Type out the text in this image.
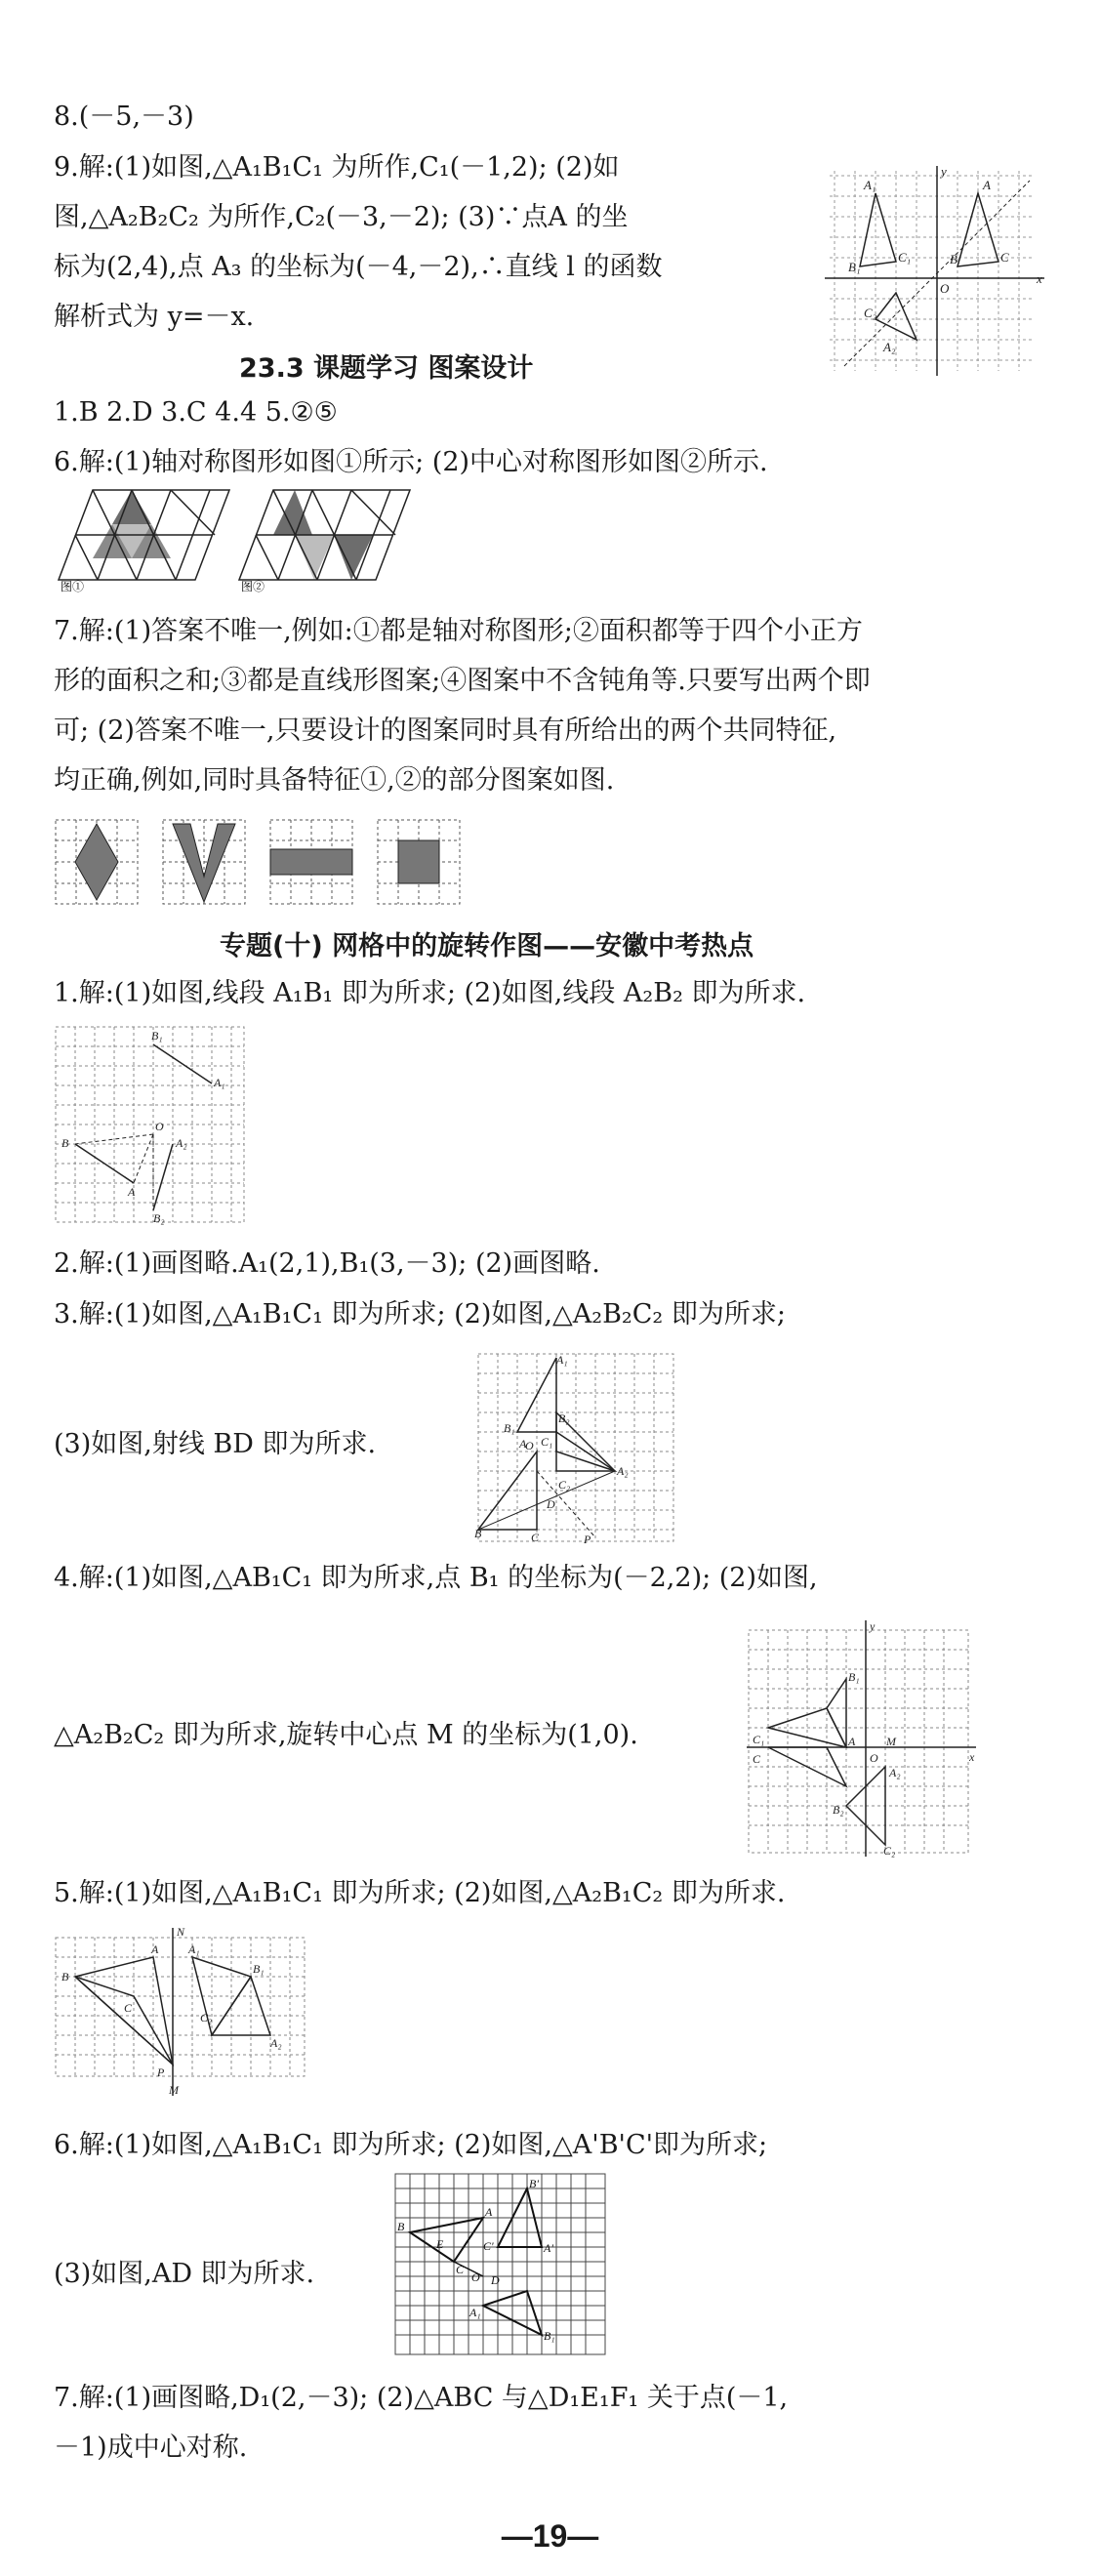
8.(－5,－3)
9.解:(1)如图,△A₁B₁C₁ 为所作,C₁(－1,2); (2)如
图,△A₂B₂C₂ 为所作,C₂(－3,－2); (3)∵点A 的坐
标为(2,4),点 A₃ 的坐标为(－4,－2),∴直线 l 的函数
解析式为 y=－x.
23.3 课题学习 图案设计
1.B 2.D 3.C 4.4 5.②⑤
6.解:(1)轴对称图形如图①所示; (2)中心对称图形如图②所示.
7.解:(1)答案不唯一,例如:①都是轴对称图形;②面积都等于四个小正方
形的面积之和;③都是直线形图案;④图案中不含钝角等.只要写出两个即
可; (2)答案不唯一,只要设计的图案同时具有所给出的两个共同特征,
均正确,例如,同时具备特征①,②的部分图案如图.
专题(十) 网格中的旋转作图——安徽中考热点
1.解:(1)如图,线段 A₁B₁ 即为所求; (2)如图,线段 A₂B₂ 即为所求.
2.解:(1)画图略.A₁(2,1),B₁(3,－3); (2)画图略.
3.解:(1)如图,△A₁B₁C₁ 即为所求; (2)如图,△A₂B₂C₂ 即为所求;
(3)如图,射线 BD 即为所求.
4.解:(1)如图,△AB₁C₁ 即为所求,点 B₁ 的坐标为(－2,2); (2)如图,
△A₂B₂C₂ 即为所求,旋转中心点 M 的坐标为(1,0).
5.解:(1)如图,△A₁B₁C₁ 即为所求; (2)如图,△A₂B₁C₂ 即为所求.
6.解:(1)如图,△A₁B₁C₁ 即为所求; (2)如图,△A'B'C'即为所求;
(3)如图,AD 即为所求.
7.解:(1)画图略,D₁(2,－3); (2)△ABC 与△D₁E₁F₁ 关于点(－1,
－1)成中心对称.
A₁	A
B₁
B
C₁	C
C₂
A₂
x
y
O
图①	图②
B₁
A₁
O
B
A
A₂
B₂
A₁
B₁
B₂
C₁
O
A₂
C₂
A
D
B	C	P
B₁
C₁
C
A
O
M
A₂
B₂
C₂
x
y
N
A	A₁
B₁
B
C
C₂
A₂
P
M
B'
B
A
E
C
O
A'
C'
A₁
B₁
D
—19—
